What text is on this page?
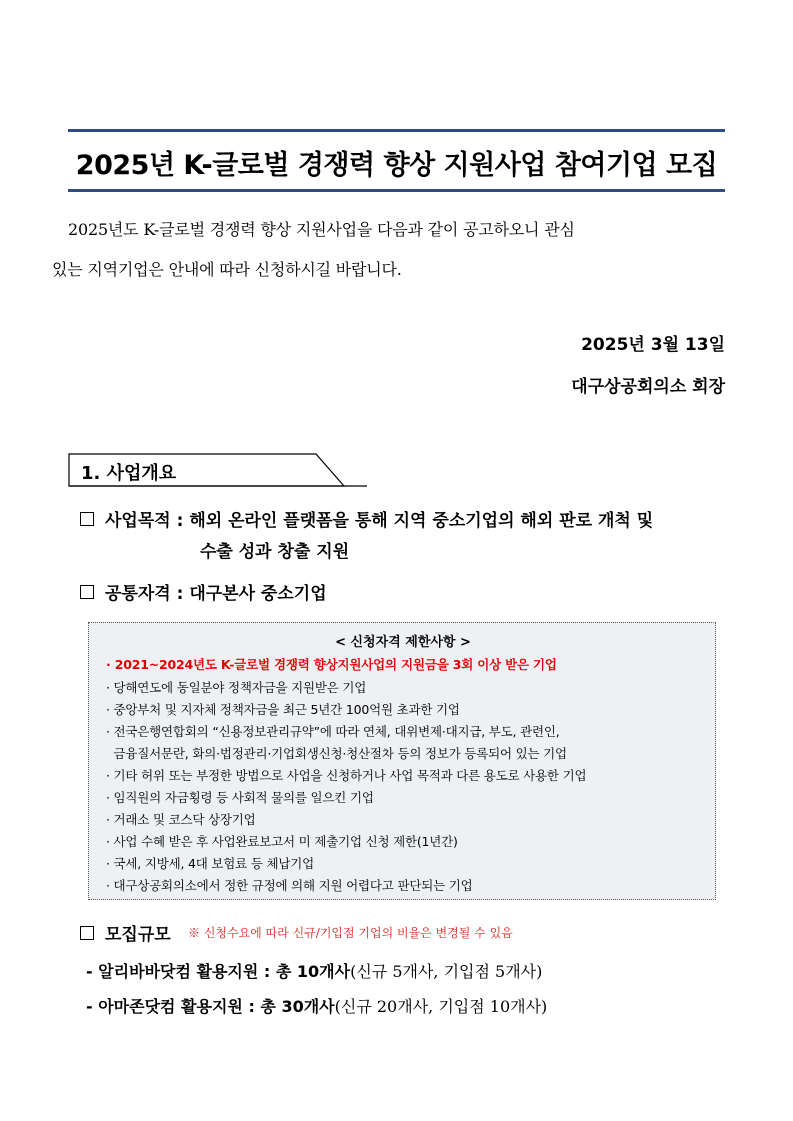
2025년 K-글로벌 경쟁력 향상 지원사업 참여기업 모집
2025년도 K-글로벌 경쟁력 향상 지원사업을 다음과 같이 공고하오니 관심
있는 지역기업은 안내에 따라 신청하시길 바랍니다.
2025년 3월 13일
대구상공회의소 회장
1. 사업개요
사업목적 : 해외 온라인 플랫폼을 통해 지역 중소기업의 해외 판로 개척 및
수출 성과 창출 지원
공통자격 : 대구본사 중소기업
< 신청자격 제한사항 >
· 2021~2024년도 K-글로벌 경쟁력 향상지원사업의 지원금을 3회 이상 받은 기업
· 당해연도에 동일분야 정책자금을 지원받은 기업
· 중앙부처 및 지자체 정책자금을 최근 5년간 100억원 초과한 기업
· 전국은행연합회의 “신용정보관리규약”에 따라 연체, 대위변제·대지급, 부도, 관련인,
금융질서문란, 화의·법정관리·기업회생신청·청산절차 등의 정보가 등록되어 있는 기업
· 기타 허위 또는 부정한 방법으로 사업을 신청하거나 사업 목적과 다른 용도로 사용한 기업
· 임직원의 자금횡령 등 사회적 물의를 일으킨 기업
· 거래소 및 코스닥 상장기업
· 사업 수혜 받은 후 사업완료보고서 미 제출기업 신청 제한(1년간)
· 국세, 지방세, 4대 보험료 등 체납기업
· 대구상공회의소에서 정한 규정에 의해 지원 어렵다고 판단되는 기업
모집규모 ※ 신청수요에 따라 신규/기입점 기업의 비율은 변경될 수 있음
- 알리바바닷컴 활용지원 : 총 10개사(신규 5개사, 기입점 5개사)
- 아마존닷컴 활용지원 : 총 30개사(신규 20개사, 기입점 10개사)
